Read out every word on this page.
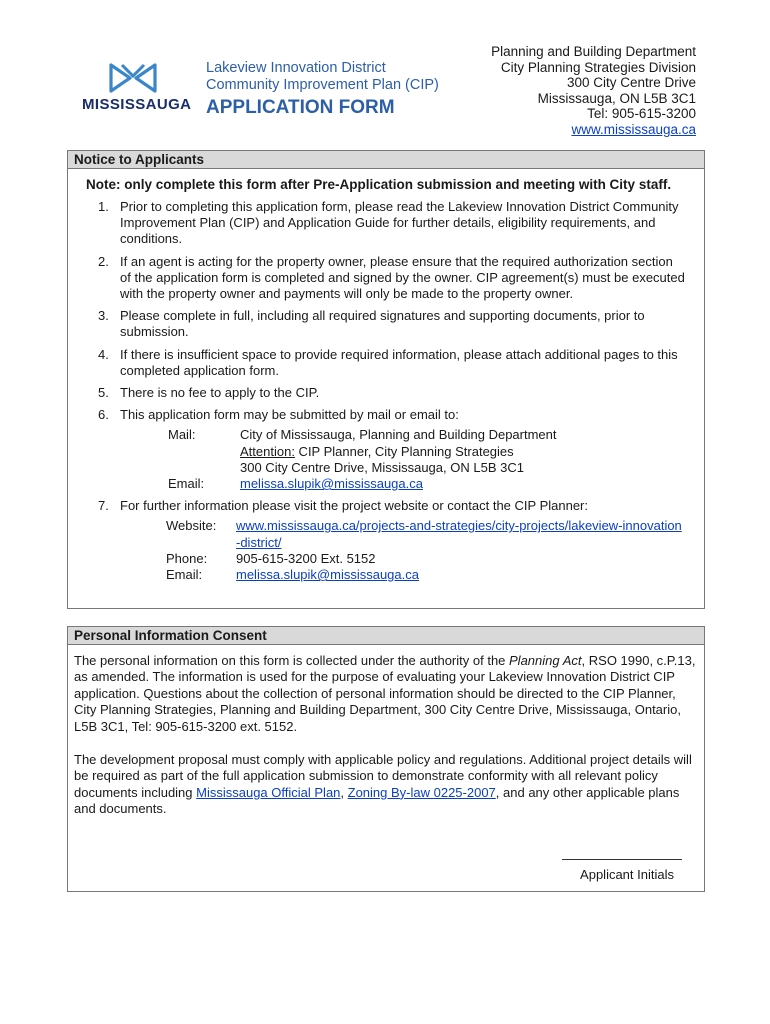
MISSISSAUGA
Lakeview Innovation District
Community Improvement Plan (CIP)
APPLICATION FORM
Planning and Building Department
City Planning Strategies Division
300 City Centre Drive
Mississauga, ON L5B 3C1
Tel: 905-615-3200
www.mississauga.ca
Notice to Applicants
Note: only complete this form after Pre-Application submission and meeting with City staff.
1. Prior to completing this application form, please read the Lakeview Innovation District Community Improvement Plan (CIP) and Application Guide for further details, eligibility requirements, and conditions.
2. If an agent is acting for the property owner, please ensure that the required authorization section of the application form is completed and signed by the owner. CIP agreement(s) must be executed with the property owner and payments will only be made to the property owner.
3. Please complete in full, including all required signatures and supporting documents, prior to submission.
4. If there is insufficient space to provide required information, please attach additional pages to this completed application form.
5. There is no fee to apply to the CIP.
6. This application form may be submitted by mail or email to:
Mail:	City of Mississauga, Planning and Building Department
Attention: CIP Planner, City Planning Strategies
300 City Centre Drive, Mississauga, ON L5B 3C1
Email:	melissa.slupik@mississauga.ca
7. For further information please visit the project website or contact the CIP Planner:
Website:	www.mississauga.ca/projects-and-strategies/city-projects/lakeview-innovation-district/
Phone:	905-615-3200 Ext. 5152
Email:	melissa.slupik@mississauga.ca
Personal Information Consent
The personal information on this form is collected under the authority of the Planning Act, RSO 1990, c.P.13, as amended. The information is used for the purpose of evaluating your Lakeview Innovation District CIP application. Questions about the collection of personal information should be directed to the CIP Planner, City Planning Strategies, Planning and Building Department, 300 City Centre Drive, Mississauga, Ontario, L5B 3C1, Tel: 905-615-3200 ext. 5152.
The development proposal must comply with applicable policy and regulations. Additional project details will be required as part of the full application submission to demonstrate conformity with all relevant policy documents including Mississauga Official Plan, Zoning By-law 0225-2007, and any other applicable plans and documents.
Applicant Initials
